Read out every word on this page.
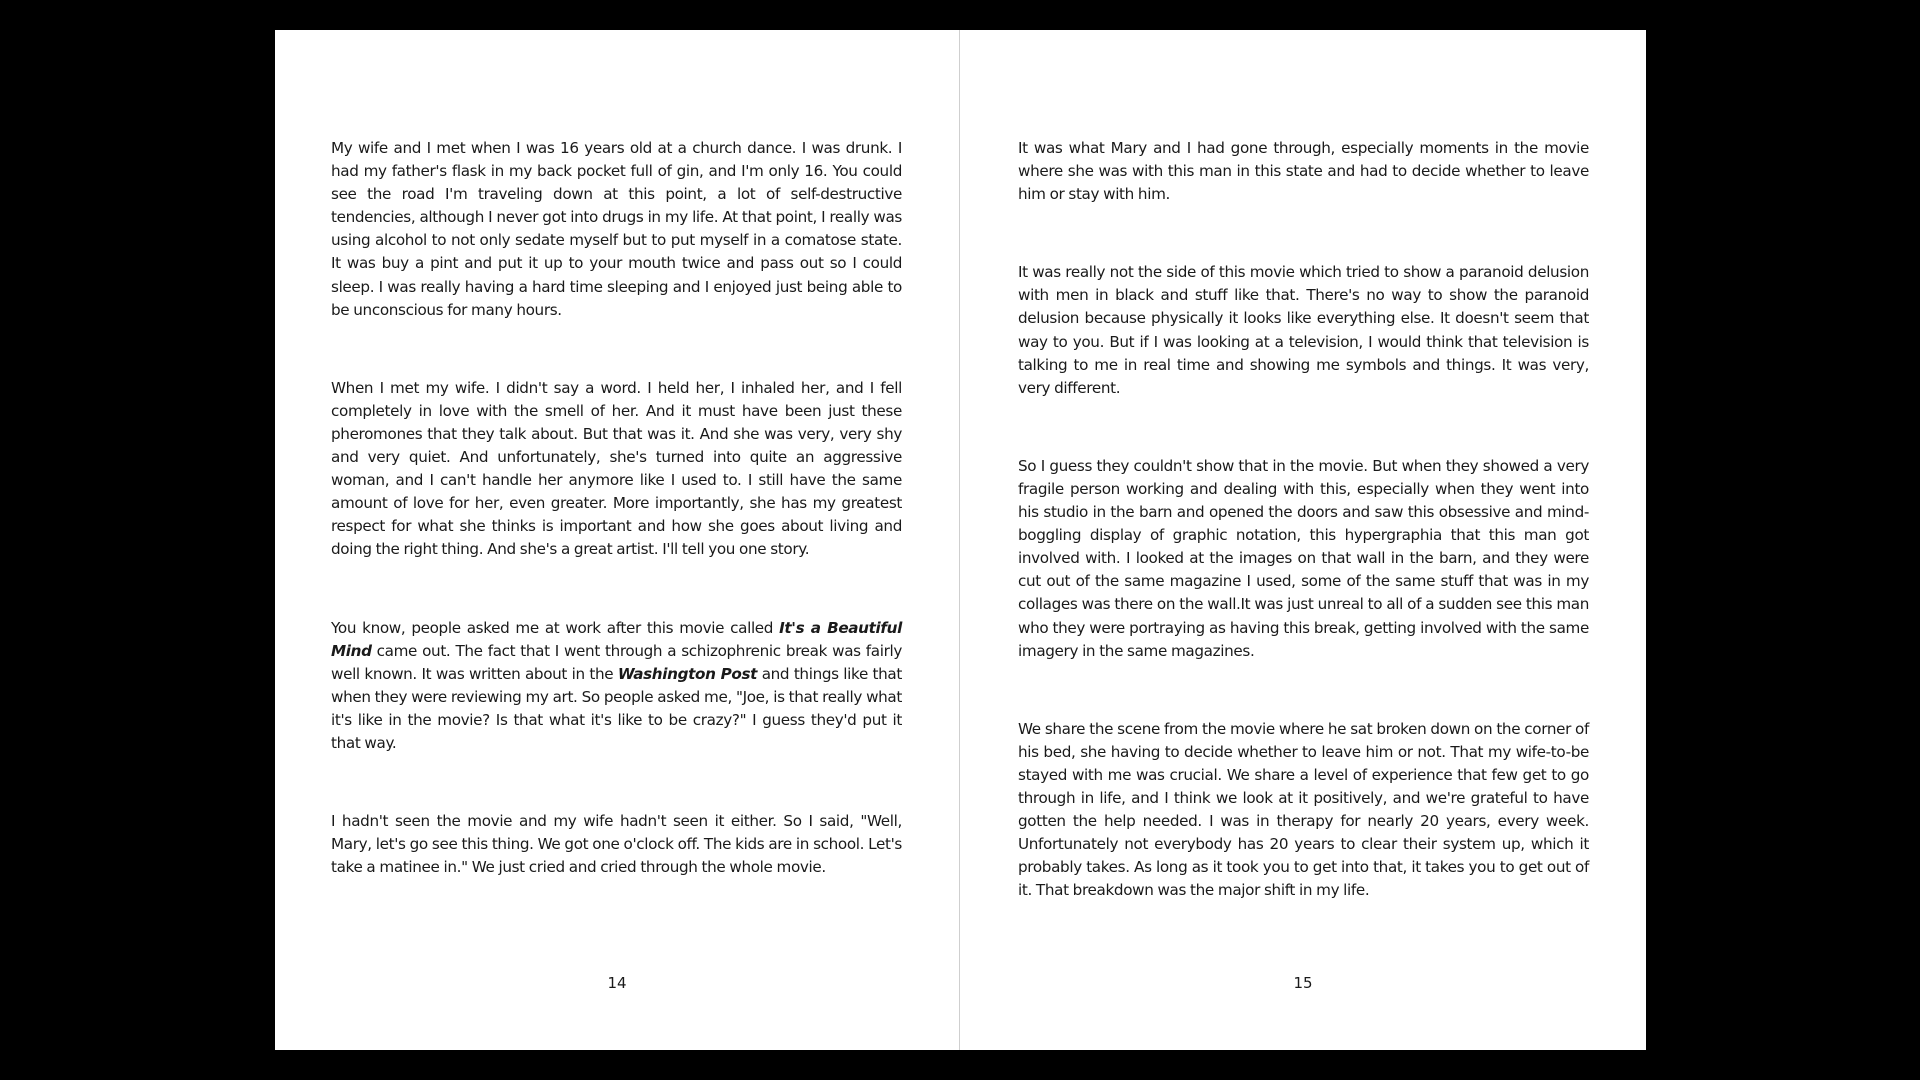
My wife and I met when I was 16 years old at a church dance. I was drunk. I had my father's flask in my back pocket full of gin, and I'm only 16. You could see the road I'm traveling down at this point, a lot of self-destructive tendencies, although I never got into drugs in my life. At that point, I really was using alcohol to not only sedate myself but to put myself in a comatose state. It was buy a pint and put it up to your mouth twice and pass out so I could sleep. I was really having a hard time sleeping and I enjoyed just being able to be unconscious for many hours.

When I met my wife. I didn't say a word. I held her, I inhaled her, and I fell completely in love with the smell of her. And it must have been just these pheromones that they talk about. But that was it. And she was very, very shy and very quiet. And unfortunately, she's turned into quite an aggressive woman, and I can't handle her anymore like I used to. I still have the same amount of love for her, even greater. More importantly, she has my greatest respect for what she thinks is important and how she goes about living and doing the right thing. And she's a great artist. I'll tell you one story.

You know, people asked me at work after this movie called It's a Beautiful Mind came out. The fact that I went through a schizophrenic break was fairly well known. It was written about in the Washington Post and things like that when they were reviewing my art. So people asked me, "Joe, is that really what it's like in the movie? Is that what it's like to be crazy?" I guess they'd put it that way.

I hadn't seen the movie and my wife hadn't seen it either. So I said, "Well, Mary, let's go see this thing. We got one o'clock off. The kids are in school. Let's take a matinee in." We just cried and cried through the whole movie.

14

It was what Mary and I had gone through, especially moments in the movie where she was with this man in this state and had to decide whether to leave him or stay with him.

It was really not the side of this movie which tried to show a paranoid delusion with men in black and stuff like that. There's no way to show the paranoid delusion because physically it looks like everything else. It doesn't seem that way to you. But if I was looking at a television, I would think that television is talking to me in real time and showing me symbols and things. It was very, very different.

So I guess they couldn't show that in the movie. But when they showed a very fragile person working and dealing with this, especially when they went into his studio in the barn and opened the doors and saw this obsessive and mind-boggling display of graphic notation, this hypergraphia that this man got involved with. I looked at the images on that wall in the barn, and they were cut out of the same magazine I used, some of the same stuff that was in my collages was there on the wall.It was just unreal to all of a sudden see this man who they were portraying as having this break, getting involved with the same imagery in the same magazines.

We share the scene from the movie where he sat broken down on the corner of his bed, she having to decide whether to leave him or not. That my wife-to-be stayed with me was crucial. We share a level of experience that few get to go through in life, and I think we look at it positively, and we're grateful to have gotten the help needed. I was in therapy for nearly 20 years, every week. Unfortunately not everybody has 20 years to clear their system up, which it probably takes. As long as it took you to get into that, it takes you to get out of it. That breakdown was the major shift in my life.

15
